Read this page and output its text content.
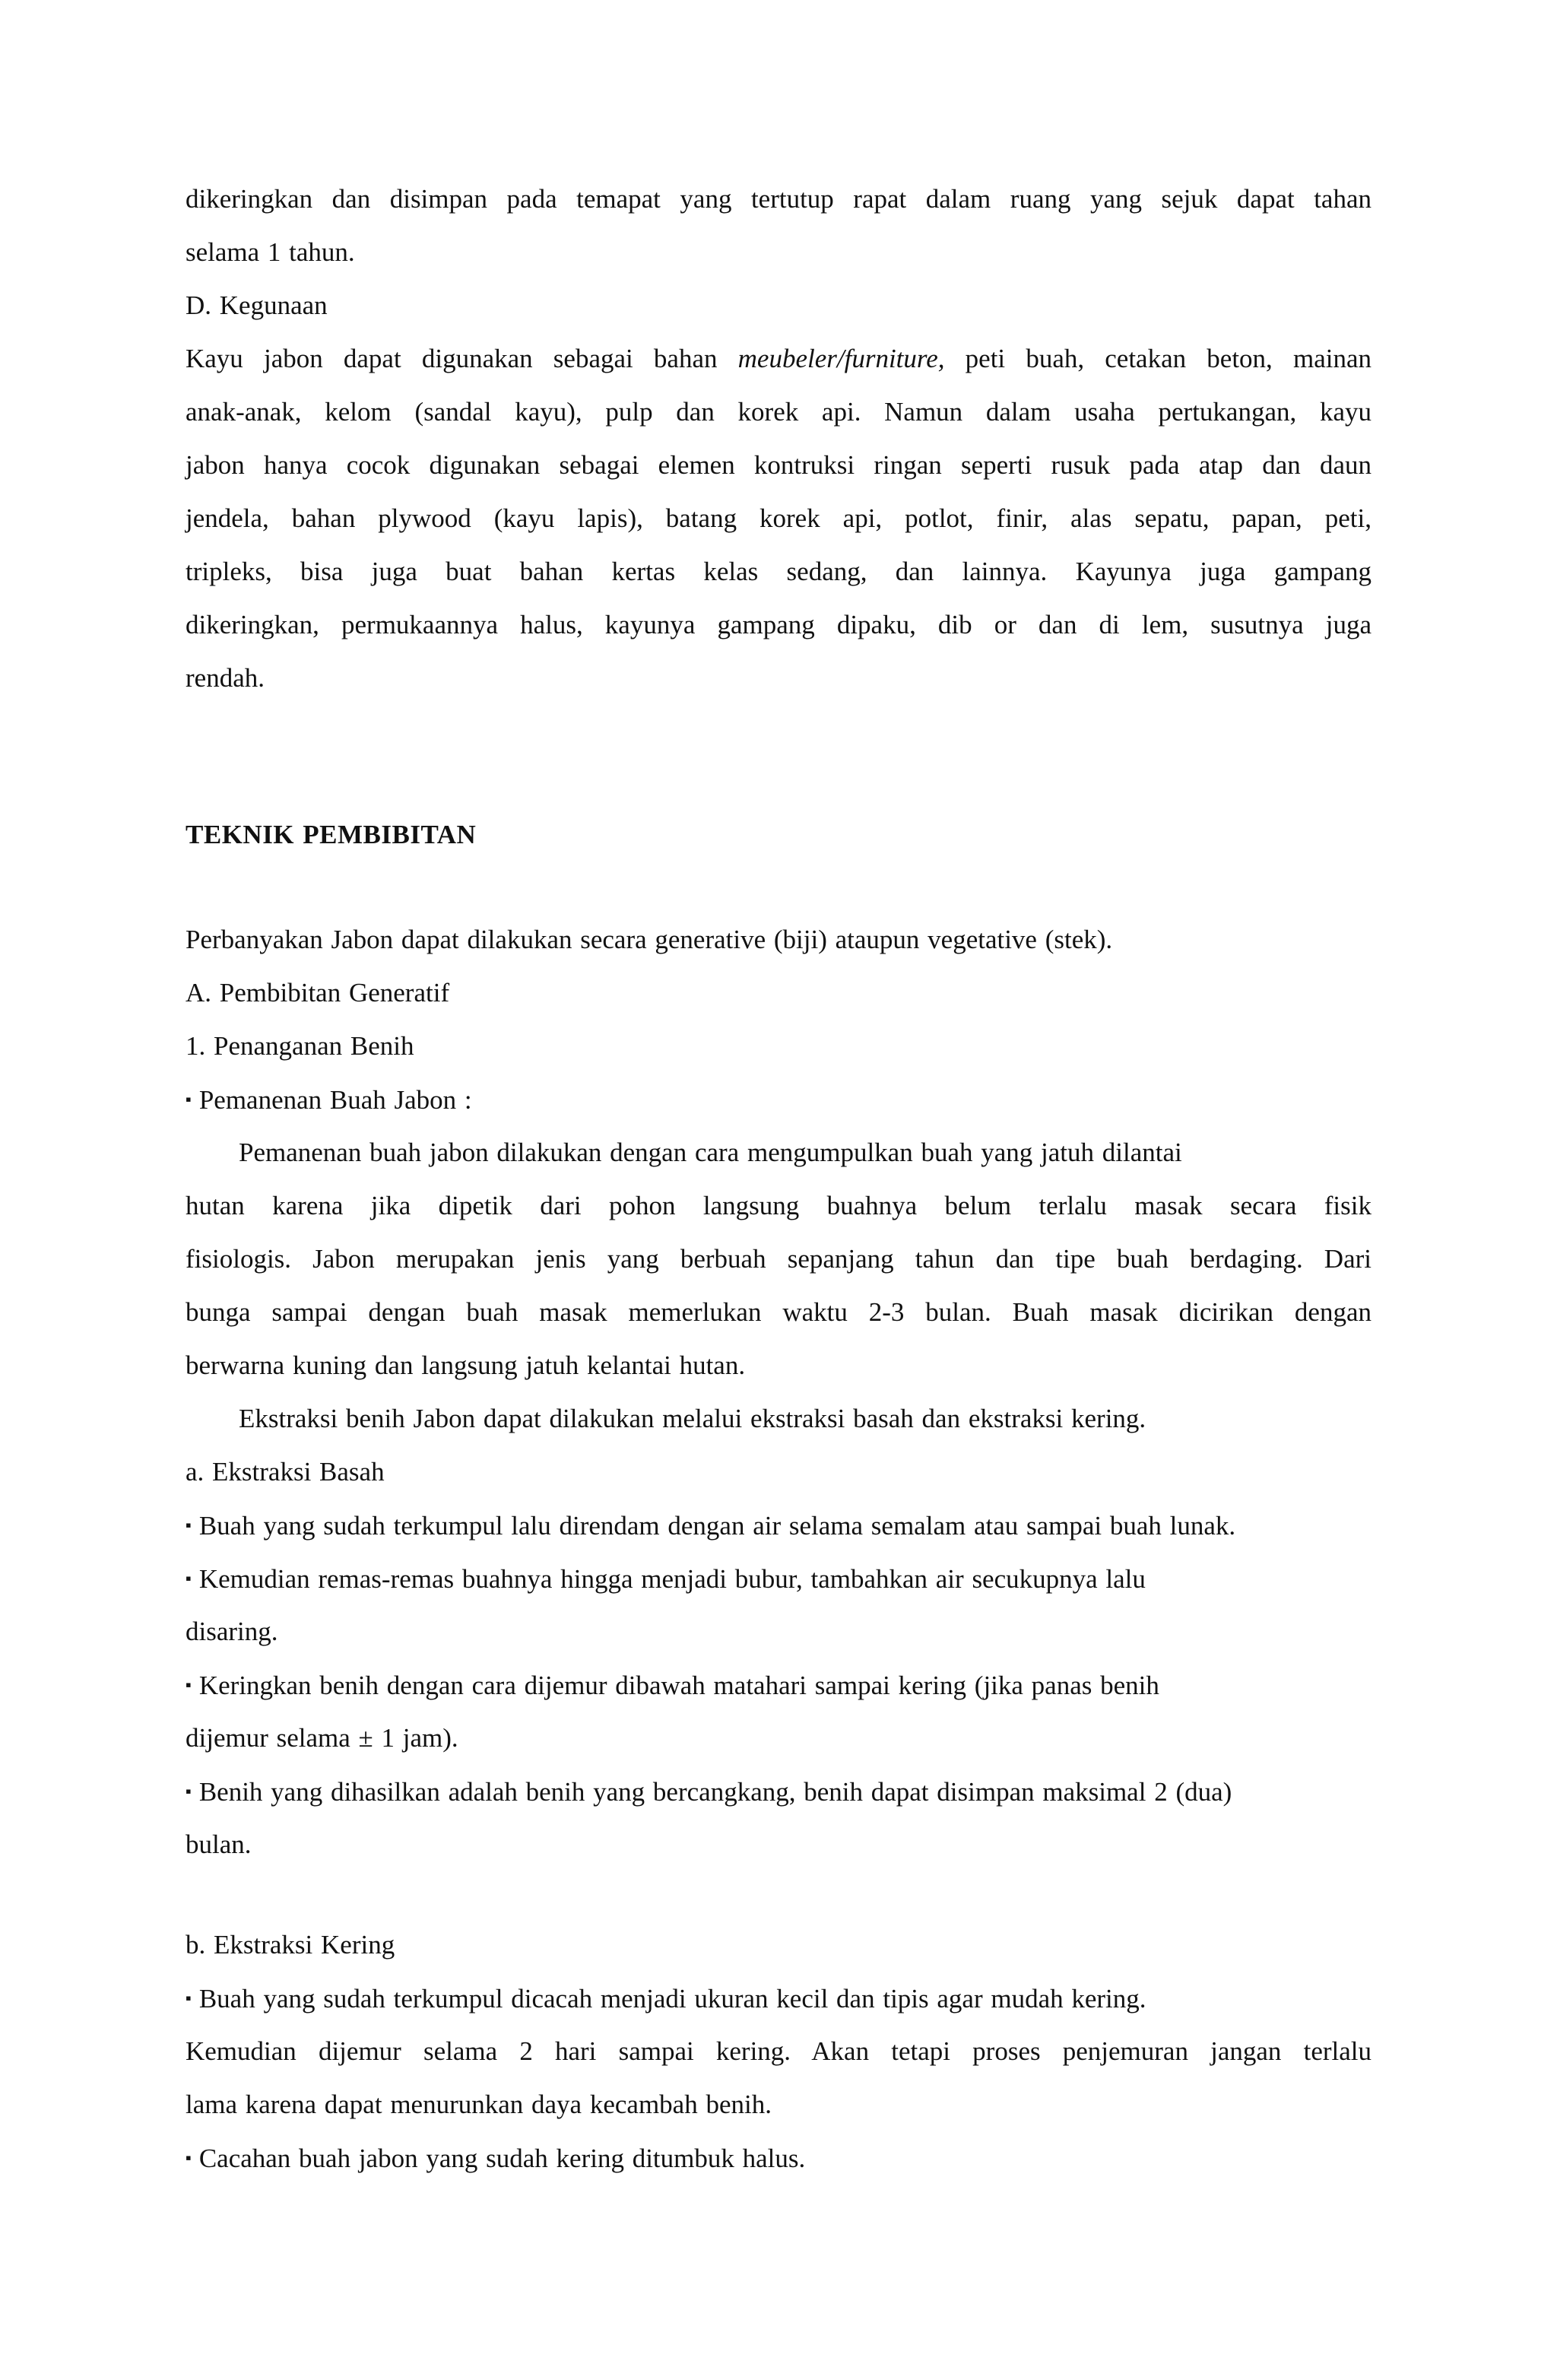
dikeringkan dan disimpan pada temapat yang tertutup rapat dalam ruang yang sejuk dapat tahan
selama 1 tahun.
D. Kegunaan
Kayu jabon dapat digunakan sebagai bahan meubeler/furniture, peti buah, cetakan beton, mainan
anak-anak, kelom (sandal kayu), pulp dan korek api. Namun dalam usaha pertukangan, kayu
jabon hanya cocok digunakan sebagai elemen kontruksi ringan seperti rusuk pada atap dan daun
jendela, bahan plywood (kayu lapis), batang korek api, potlot, finir, alas sepatu, papan, peti,
tripleks, bisa juga buat bahan kertas kelas sedang, dan lainnya. Kayunya juga gampang
dikeringkan, permukaannya halus, kayunya gampang dipaku, dib or dan di lem, susutnya juga
rendah.
TEKNIK PEMBIBITAN
Perbanyakan Jabon dapat dilakukan secara generative (biji) ataupun vegetative (stek).
A. Pembibitan Generatif
1. Penanganan Benih
▪ Pemanenan Buah Jabon :
Pemanenan buah jabon dilakukan dengan cara mengumpulkan buah yang jatuh dilantai
hutan karena jika dipetik dari pohon langsung buahnya belum terlalu masak secara fisik
fisiologis. Jabon merupakan jenis yang berbuah sepanjang tahun dan tipe buah berdaging. Dari
bunga sampai dengan buah masak memerlukan waktu 2-3 bulan. Buah masak dicirikan dengan
berwarna kuning dan langsung jatuh kelantai hutan.
Ekstraksi benih Jabon dapat dilakukan melalui ekstraksi basah dan ekstraksi kering.
a. Ekstraksi Basah
▪ Buah yang sudah terkumpul lalu direndam dengan air selama semalam atau sampai buah lunak.
▪ Kemudian remas-remas buahnya hingga menjadi bubur, tambahkan air secukupnya lalu
disaring.
▪ Keringkan benih dengan cara dijemur dibawah matahari sampai kering (jika panas benih
dijemur selama ± 1 jam).
▪ Benih yang dihasilkan adalah benih yang bercangkang, benih dapat disimpan maksimal 2 (dua)
bulan.
b. Ekstraksi Kering
▪ Buah yang sudah terkumpul dicacah menjadi ukuran kecil dan tipis agar mudah kering.
Kemudian dijemur selama 2 hari sampai kering. Akan tetapi proses penjemuran jangan terlalu
lama karena dapat menurunkan daya kecambah benih.
▪ Cacahan buah jabon yang sudah kering ditumbuk halus.
